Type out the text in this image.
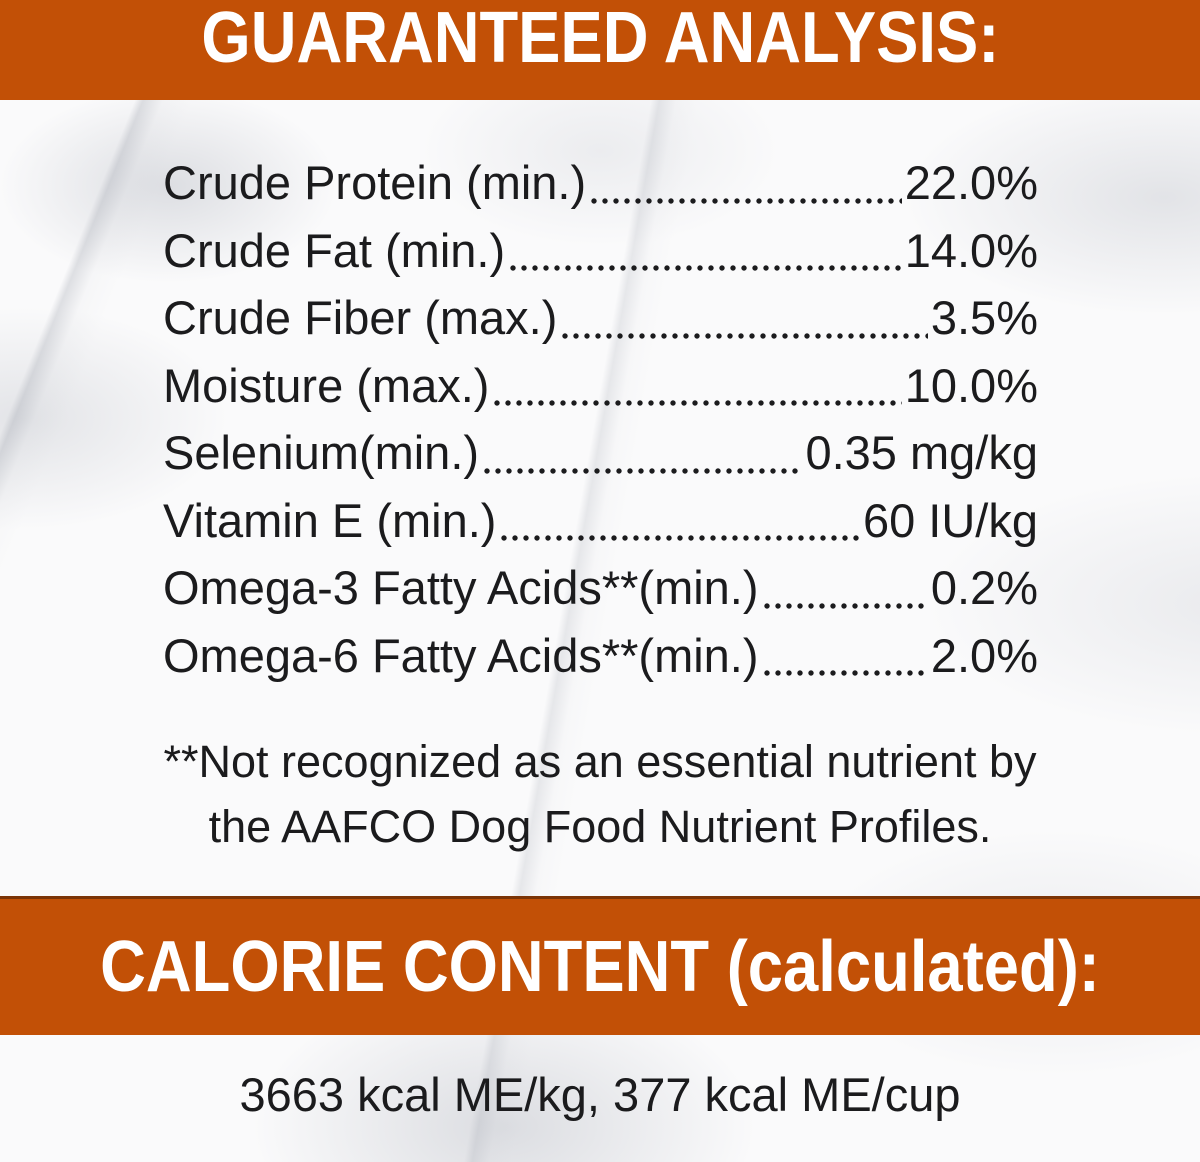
GUARANTEED ANALYSIS:
Crude Protein (min.)	22.0%
Crude Fat (min.)	14.0%
Crude Fiber (max.)	3.5%
Moisture (max.)	10.0%
Selenium(min.)	0.35 mg/kg
Vitamin E (min.)	60 IU/kg
Omega-3 Fatty Acids**(min.)	0.2%
Omega-6 Fatty Acids**(min.)	2.0%
**Not recognized as an essential nutrient by
the AAFCO Dog Food Nutrient Profiles.
CALORIE CONTENT (calculated):
3663 kcal ME/kg, 377 kcal ME/cup
